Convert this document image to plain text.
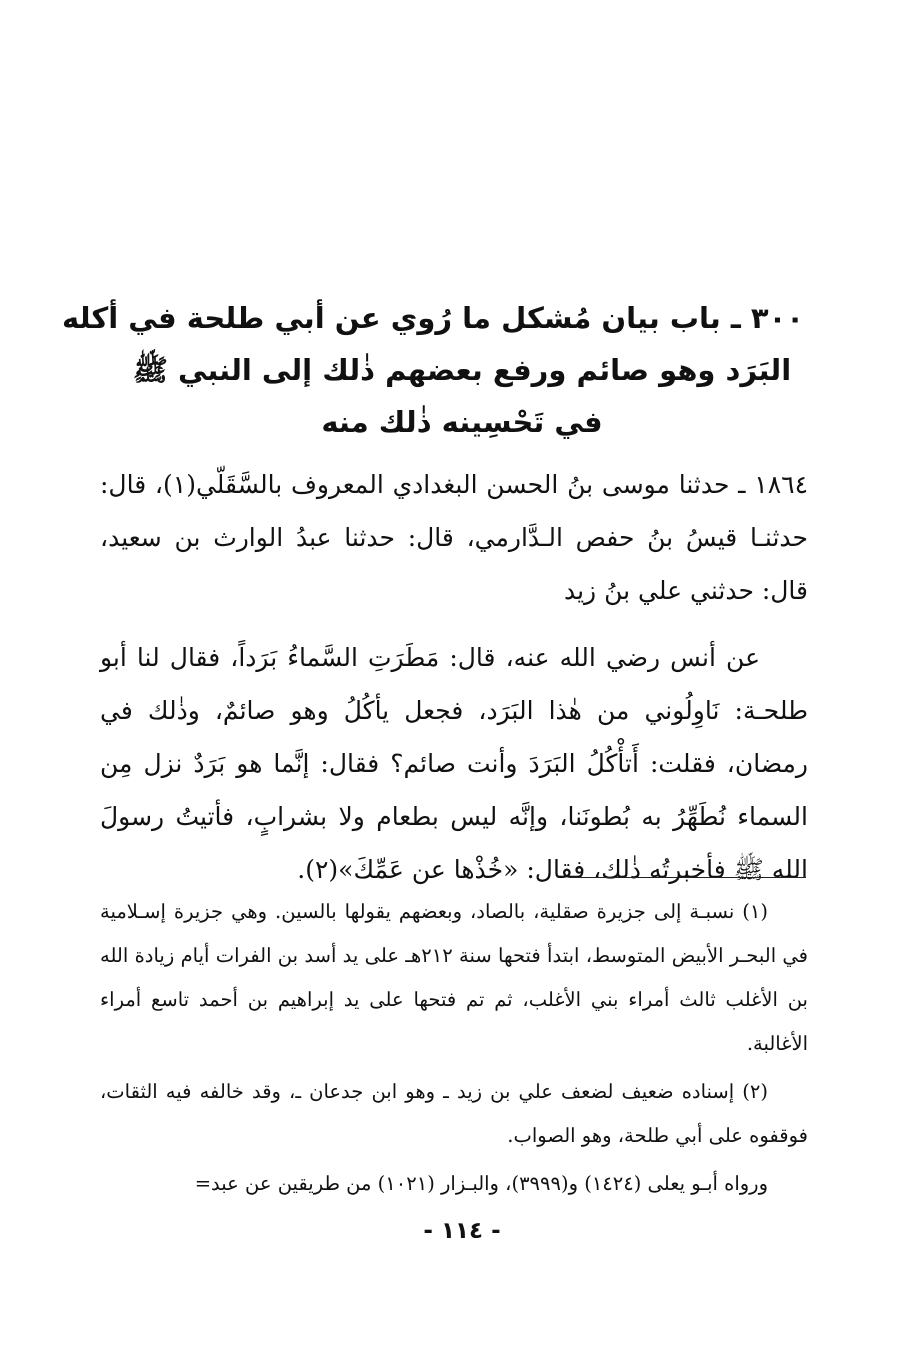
٣٠٠ ـ باب بيان مُشكل ما رُوي عن أبي طلحة في أكله
البَرَد وهو صائم ورفع بعضهم ذٰلك إلى النبي ﷺ
في تَحْسِينه ذٰلك منه

١٨٦٤ ـ حدثنا موسى بنُ الحسن البغدادي المعروف بالسَّقَلّي(١)، قال: حدثنـا قيسُ بنُ حفص الـدَّارمي، قال: حدثنا عبدُ الوارث بن سعيد، قال: حدثني علي بنُ زيد

عن أنس رضي الله عنه، قال: مَطَرَتِ السَّماءُ بَرَداً، فقال لنا أبو طلحـة: نَاوِلُوني من هٰذا البَرَد، فجعل يأكُلُ وهو صائمٌ، وذٰلك في رمضان، فقلت: أَتأْكُلُ البَرَدَ وأنت صائم؟ فقال: إنَّما هو بَرَدٌ نزل مِن السماء نُطَهِّرُ به بُطونَنا، وإنَّه ليس بطعام ولا بشرابٍ، فأتيتُ رسولَ الله ﷺ فأخبرتُه ذٰلك، فقال: «خُذْها عن عَمِّكَ»(٢).

(١) نسبـة إلى جزيرة صقلية، بالصاد، وبعضهم يقولها بالسين. وهي جزيرة إسـلامية في البحـر الأبيض المتوسط، ابتدأ فتحها سنة ٢١٢هـ على يد أسد بن الفرات أيام زيادة الله بن الأغلب ثالث أمراء بني الأغلب، ثم تم فتحها على يد إبراهيم بن أحمد تاسع أمراء الأغالبة.

(٢) إسناده ضعيف لضعف علي بن زيد ـ وهو ابن جدعان ـ، وقد خالفه فيه الثقات، فوقفوه على أبي طلحة، وهو الصواب.

ورواه أبـو يعلى (١٤٢٤) و(٣٩٩٩)، والبـزار (١٠٢١) من طريقين عن عبد=

- ١١٤ -
